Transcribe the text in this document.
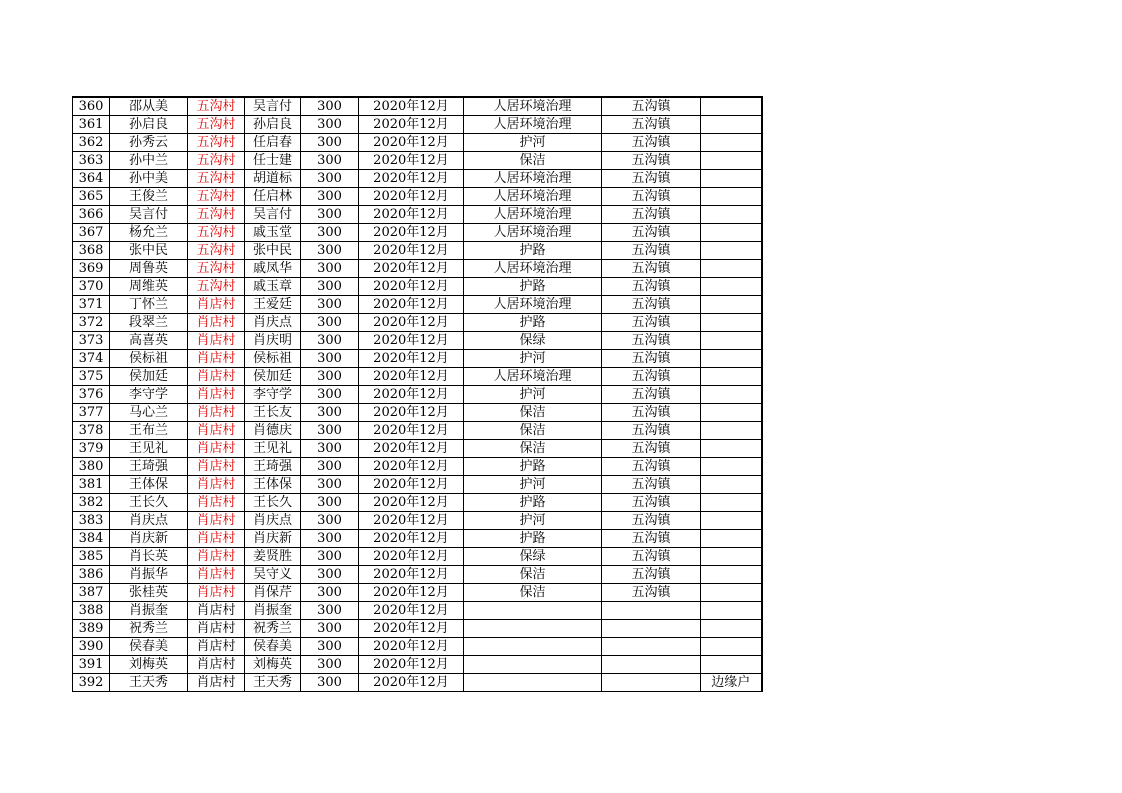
360	邵从美	五沟村	吴言付	300	2020年12月	人居环境治理	五沟镇	
361	孙启良	五沟村	孙启良	300	2020年12月	人居环境治理	五沟镇	
362	孙秀云	五沟村	任启春	300	2020年12月	护河	五沟镇	
363	孙中兰	五沟村	任士建	300	2020年12月	保洁	五沟镇	
364	孙中美	五沟村	胡道标	300	2020年12月	人居环境治理	五沟镇	
365	王俊兰	五沟村	任启林	300	2020年12月	人居环境治理	五沟镇	
366	吴言付	五沟村	吴言付	300	2020年12月	人居环境治理	五沟镇	
367	杨允兰	五沟村	戚玉堂	300	2020年12月	人居环境治理	五沟镇	
368	张中民	五沟村	张中民	300	2020年12月	护路	五沟镇	
369	周鲁英	五沟村	戚凤华	300	2020年12月	人居环境治理	五沟镇	
370	周维英	五沟村	戚玉章	300	2020年12月	护路	五沟镇	
371	丁怀兰	肖店村	王爱廷	300	2020年12月	人居环境治理	五沟镇	
372	段翠兰	肖店村	肖庆点	300	2020年12月	护路	五沟镇	
373	高喜英	肖店村	肖庆明	300	2020年12月	保绿	五沟镇	
374	侯标祖	肖店村	侯标祖	300	2020年12月	护河	五沟镇	
375	侯加廷	肖店村	侯加廷	300	2020年12月	人居环境治理	五沟镇	
376	李守学	肖店村	李守学	300	2020年12月	护河	五沟镇	
377	马心兰	肖店村	王长友	300	2020年12月	保洁	五沟镇	
378	王布兰	肖店村	肖德庆	300	2020年12月	保洁	五沟镇	
379	王见礼	肖店村	王见礼	300	2020年12月	保洁	五沟镇	
380	王琦强	肖店村	王琦强	300	2020年12月	护路	五沟镇	
381	王体保	肖店村	王体保	300	2020年12月	护河	五沟镇	
382	王长久	肖店村	王长久	300	2020年12月	护路	五沟镇	
383	肖庆点	肖店村	肖庆点	300	2020年12月	护河	五沟镇	
384	肖庆新	肖店村	肖庆新	300	2020年12月	护路	五沟镇	
385	肖长英	肖店村	姜贤胜	300	2020年12月	保绿	五沟镇	
386	肖振华	肖店村	吴守义	300	2020年12月	保洁	五沟镇	
387	张桂英	肖店村	肖保芹	300	2020年12月	保洁	五沟镇	
388	肖振奎	肖店村	肖振奎	300	2020年12月			
389	祝秀兰	肖店村	祝秀兰	300	2020年12月			
390	侯春美	肖店村	侯春美	300	2020年12月			
391	刘梅英	肖店村	刘梅英	300	2020年12月			
392	王天秀	肖店村	王天秀	300	2020年12月			边缘户
